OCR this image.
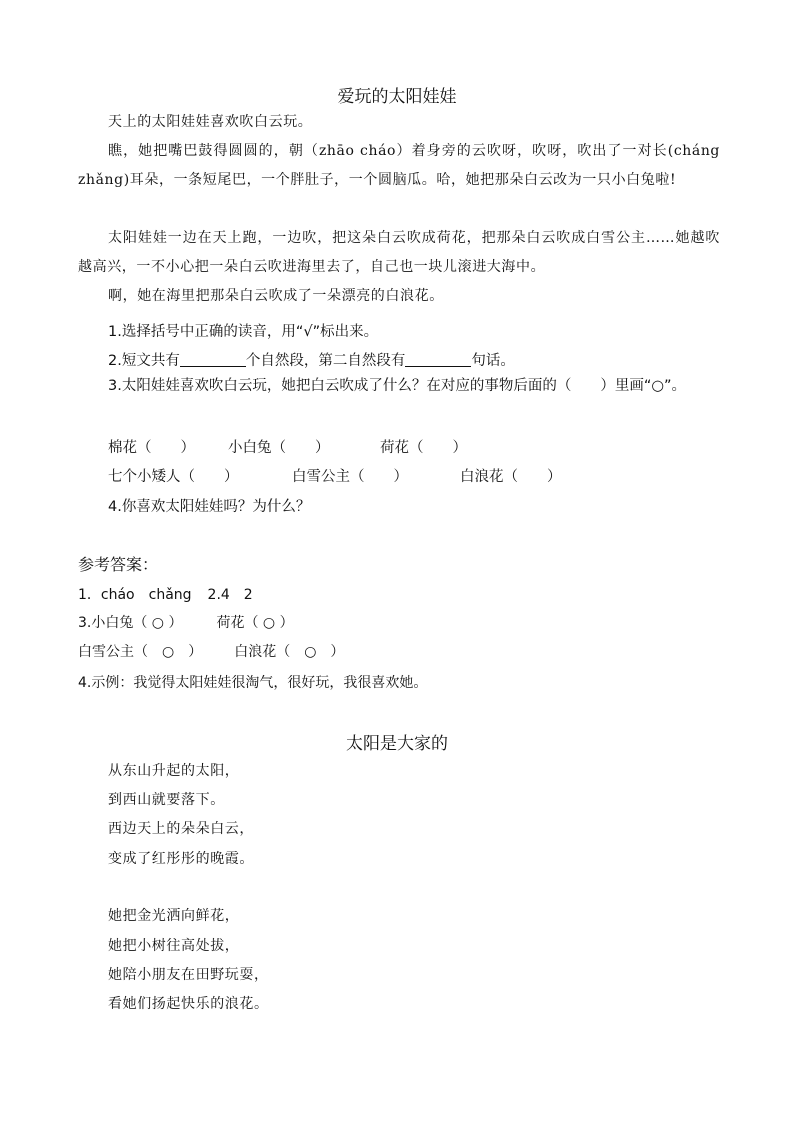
爱玩的太阳娃娃
天上的太阳娃娃喜欢吹白云玩。
瞧，她把嘴巴鼓得圆圆的，朝（zhāo cháo）着身旁的云吹呀，吹呀，吹出了一对长(cháng zhǎng)耳朵，一条短尾巴，一个胖肚子，一个圆脑瓜。哈，她把那朵白云改为一只小白兔啦!
太阳娃娃一边在天上跑，一边吹，把这朵白云吹成荷花，把那朵白云吹成白雪公主……她越吹越高兴，一不小心把一朵白云吹进海里去了，自己也一块儿滚进大海中。
啊，她在海里把那朵白云吹成了一朵漂亮的白浪花。
1.选择括号中正确的读音，用“√”标出来。
2.短文共有	个自然段，第二自然段有	句话。
3.太阳娃娃喜欢吹白云玩，她把白云吹成了什么？在对应的事物后面的（　　）里画“○”。
棉花（　　） 小白兔（　　）	荷花（　　）
七个小矮人（　　）	白雪公主（　　）	白浪花（　　）
4.你喜欢太阳娃娃吗？为什么？
参考答案：
1．cháo　chǎng 2.4　2
3.小白兔（ ○ ） 荷花（ ○ ）
白雪公主（　○　） 白浪花（　○　）
4.示例：我觉得太阳娃娃很淘气，很好玩，我很喜欢她。
太阳是大家的
从东山升起的太阳，
到西山就要落下。
西边天上的朵朵白云，
变成了红彤彤的晚霞。
她把金光洒向鲜花，
她把小树往高处拔，
她陪小朋友在田野玩耍，
看她们扬起快乐的浪花。
